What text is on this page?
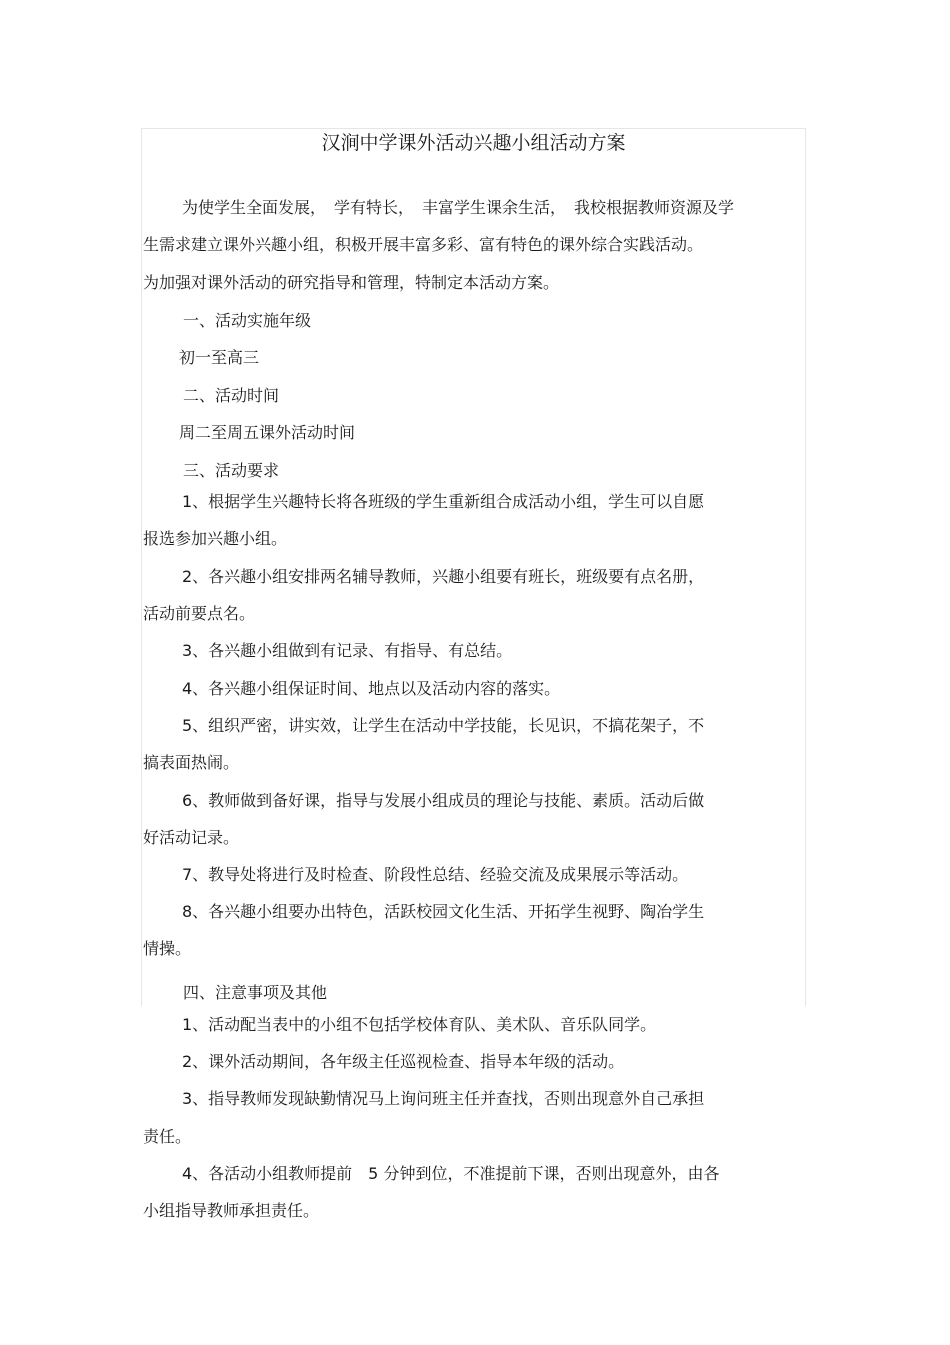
汉涧中学课外活动兴趣小组活动方案
为使学生全面发展，　学有特长，　丰富学生课余生活，　我校根据教师资源及学
生需求建立课外兴趣小组，积极开展丰富多彩、富有特色的课外综合实践活动。
为加强对课外活动的研究指导和管理，特制定本活动方案。
一、活动实施年级
初一至高三
二、活动时间
周二至周五课外活动时间
三、活动要求
1、根据学生兴趣特长将各班级的学生重新组合成活动小组，学生可以自愿
报选参加兴趣小组。
2、各兴趣小组安排两名辅导教师，兴趣小组要有班长，班级要有点名册，
活动前要点名。
3、各兴趣小组做到有记录、有指导、有总结。
4、各兴趣小组保证时间、地点以及活动内容的落实。
5、组织严密，讲实效，让学生在活动中学技能，长见识，不搞花架子，不
搞表面热闹。
6、教师做到备好课，指导与发展小组成员的理论与技能、素质。活动后做
好活动记录。
7、教导处将进行及时检查、阶段性总结、经验交流及成果展示等活动。
8、各兴趣小组要办出特色，活跃校园文化生活、开拓学生视野、陶冶学生
情操。
四、注意事项及其他
1、活动配当表中的小组不包括学校体育队、美术队、音乐队同学。
2、课外活动期间，各年级主任巡视检查、指导本年级的活动。
3、指导教师发现缺勤情况马上询问班主任并查找，否则出现意外自己承担
责任。
4、各活动小组教师提前　5 分钟到位，不准提前下课，否则出现意外，由各
小组指导教师承担责任。
